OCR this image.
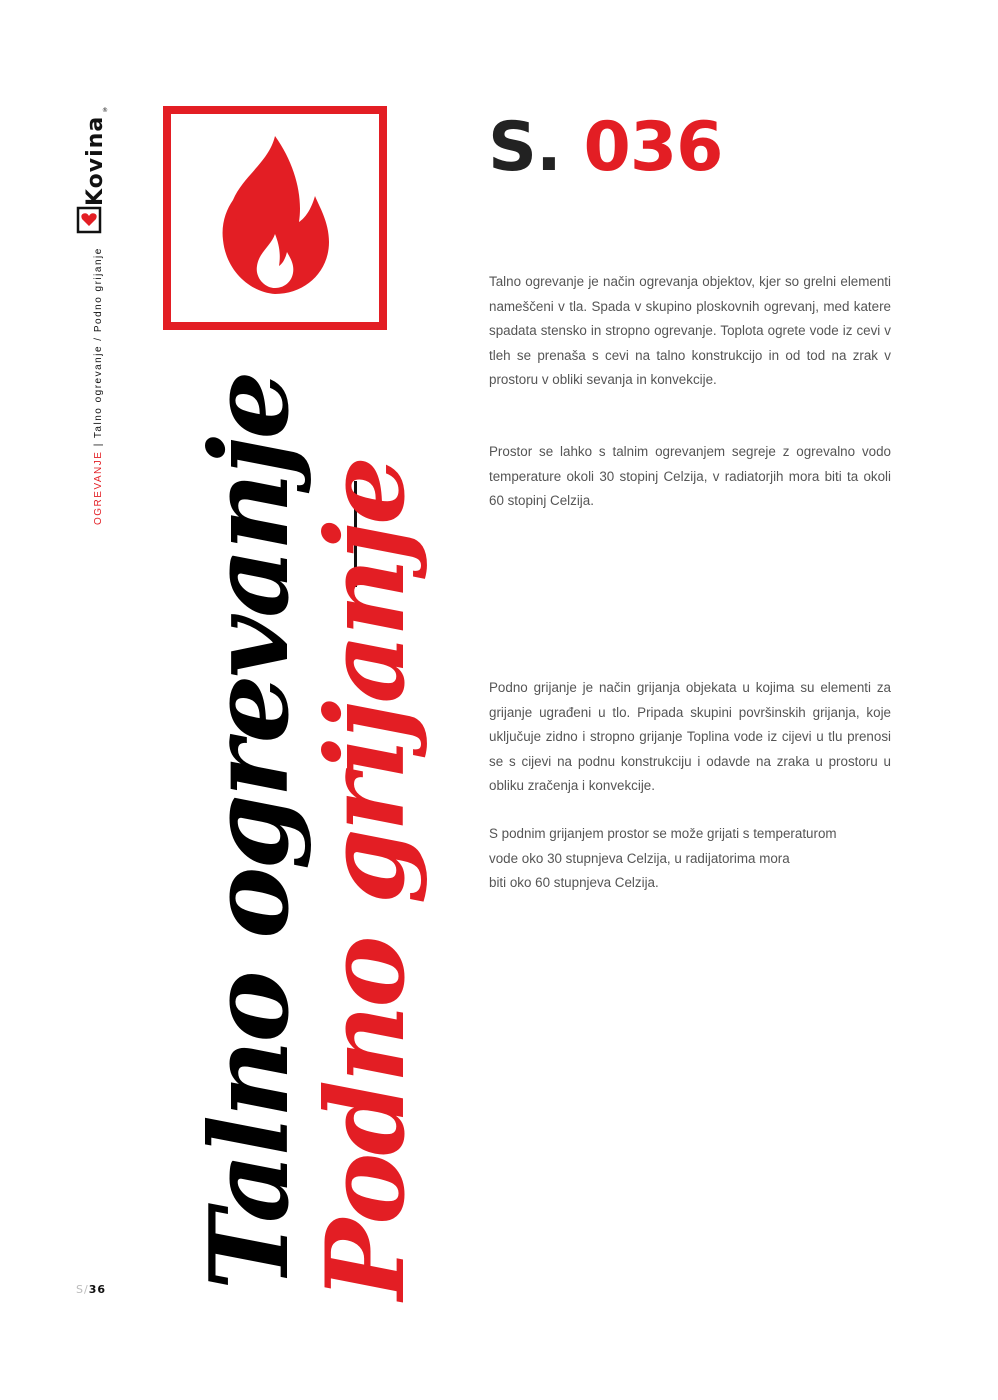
Kovina
®
OGREVANJE | Talno ogrevanje / Podno grijanje
S. 036
Talno ogrevanje
Podno grijanje

Talno ogrevanje je način ogrevanja objektov, kjer so grelni elementi nameščeni v tla. Spada v skupino ploskovnih ogrevanj, med katere spadata stensko in stropno ogrevanje. Toplota ogrete vode iz cevi v tleh se prenaša s cevi na talno konstrukcijo in od tod na zrak v prostoru v obliki sevanja in konvekcije.

Prostor se lahko s talnim ogrevanjem segreje z ogrevalno vodo temperature okoli 30 stopinj Celzija, v radiatorjih mora biti ta okoli 60 stopinj Celzija.

Podno grijanje je način grijanja objekata u kojima su elementi za grijanje ugrađeni u tlo. Pripada skupini površinskih grijanja, koje uključuje zidno i stropno grijanje Toplina vode iz cijevi u tlu prenosi se s cijevi na podnu konstrukciju i odavde na zraka u prostoru u obliku zračenja i konvekcije.

S podnim grijanjem prostor se može grijati s temperaturom
vode oko 30 stupnjeva Celzija, u radijatorima mora
biti oko 60 stupnjeva Celzija.
S/36
